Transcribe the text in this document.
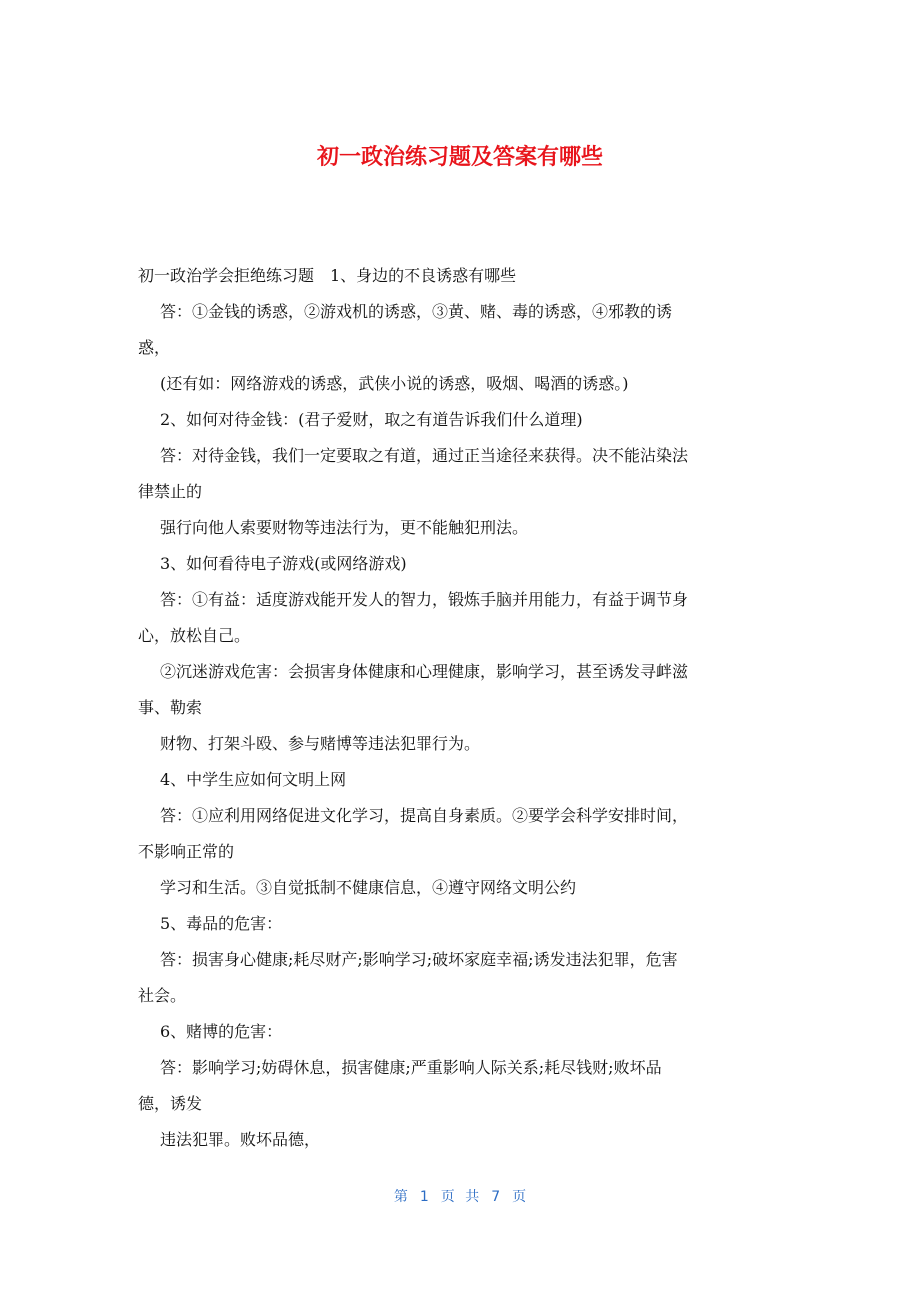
初一政治练习题及答案有哪些
初一政治学会拒绝练习题　1、身边的不良诱惑有哪些
答：①金钱的诱惑，②游戏机的诱惑，③黄、赌、毒的诱惑，④邪教的诱
惑，
(还有如：网络游戏的诱惑，武侠小说的诱惑，吸烟、喝酒的诱惑。)
2、如何对待金钱：(君子爱财，取之有道告诉我们什么道理)
答：对待金钱，我们一定要取之有道，通过正当途径来获得。决不能沾染法
律禁止的
强行向他人索要财物等违法行为，更不能触犯刑法。
3、如何看待电子游戏(或网络游戏)
答：①有益：适度游戏能开发人的智力，锻炼手脑并用能力，有益于调节身
心，放松自己。
②沉迷游戏危害：会损害身体健康和心理健康，影响学习，甚至诱发寻衅滋
事、勒索
财物、打架斗殴、参与赌博等违法犯罪行为。
4、中学生应如何文明上网
答：①应利用网络促进文化学习，提高自身素质。②要学会科学安排时间，
不影响正常的
学习和生活。③自觉抵制不健康信息，④遵守网络文明公约
5、毒品的危害：
答：损害身心健康;耗尽财产;影响学习;破坏家庭幸福;诱发违法犯罪，危害
社会。
6、赌博的危害：
答：影响学习;妨碍休息，损害健康;严重影响人际关系;耗尽钱财;败坏品
德，诱发
违法犯罪。败坏品德，
第 1 页 共 7 页
